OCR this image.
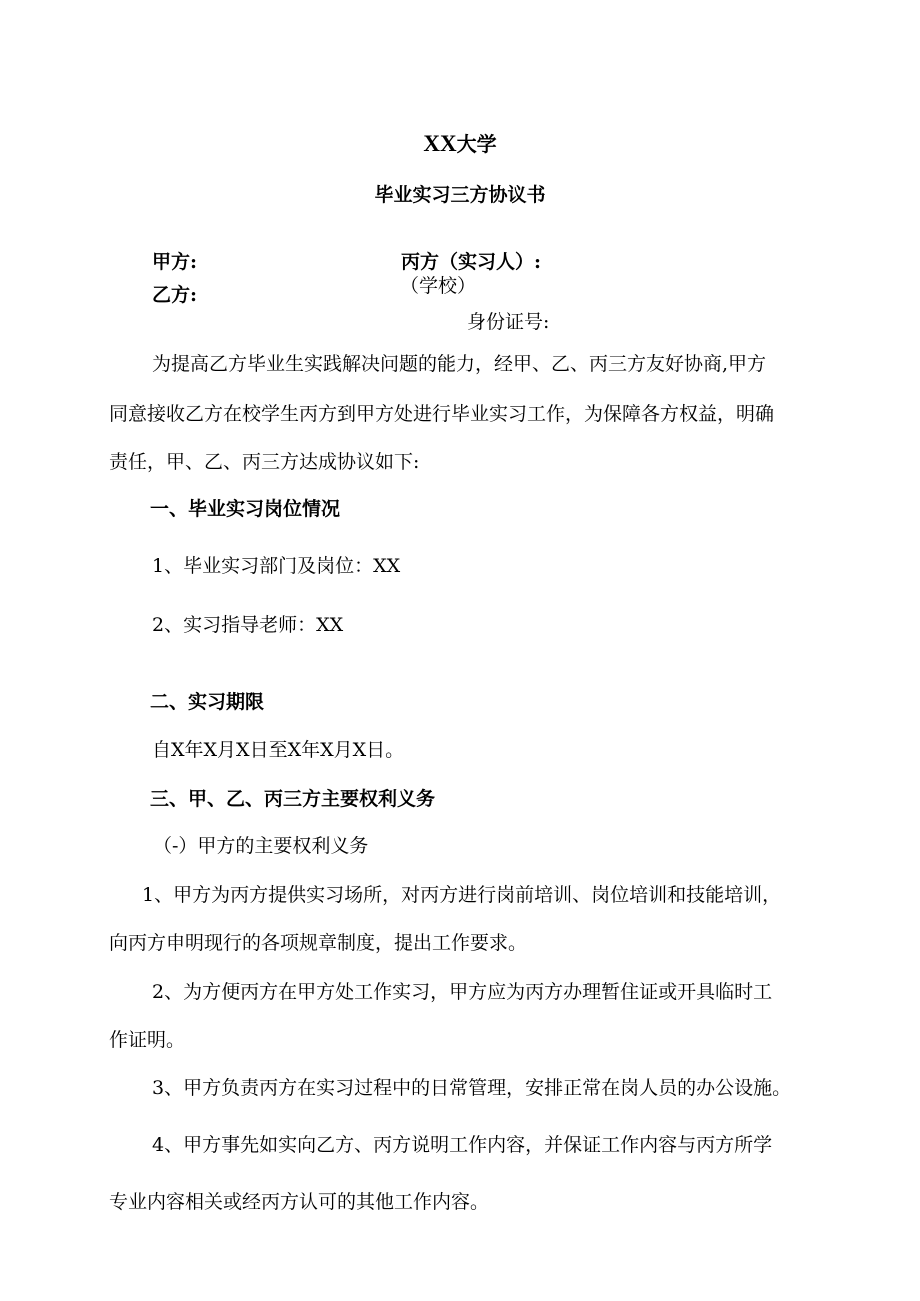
XX大学
毕业实习三方协议书
甲方:	丙方（实习人）:
乙方:	（学校）
身份证号:
为提高乙方毕业生实践解决问题的能力，经甲、乙、丙三方友好协商,甲方
同意接收乙方在校学生丙方到甲方处进行毕业实习工作，为保障各方权益，明确
责任，甲、乙、丙三方达成协议如下:
一、毕业实习岗位情况
1、毕业实习部门及岗位：XX
2、实习指导老师：XX
二、实习期限
自X年X月X日至X年X月X日。
三、甲、乙、丙三方主要权利义务
（-）甲方的主要权利义务
1、甲方为丙方提供实习场所，对丙方进行岗前培训、岗位培训和技能培训，
向丙方申明现行的各项规章制度，提出工作要求。
2、为方便丙方在甲方处工作实习，甲方应为丙方办理暂住证或开具临时工
作证明。
3、甲方负责丙方在实习过程中的日常管理，安排正常在岗人员的办公设施。
4、甲方事先如实向乙方、丙方说明工作内容，并保证工作内容与丙方所学
专业内容相关或经丙方认可的其他工作内容。
